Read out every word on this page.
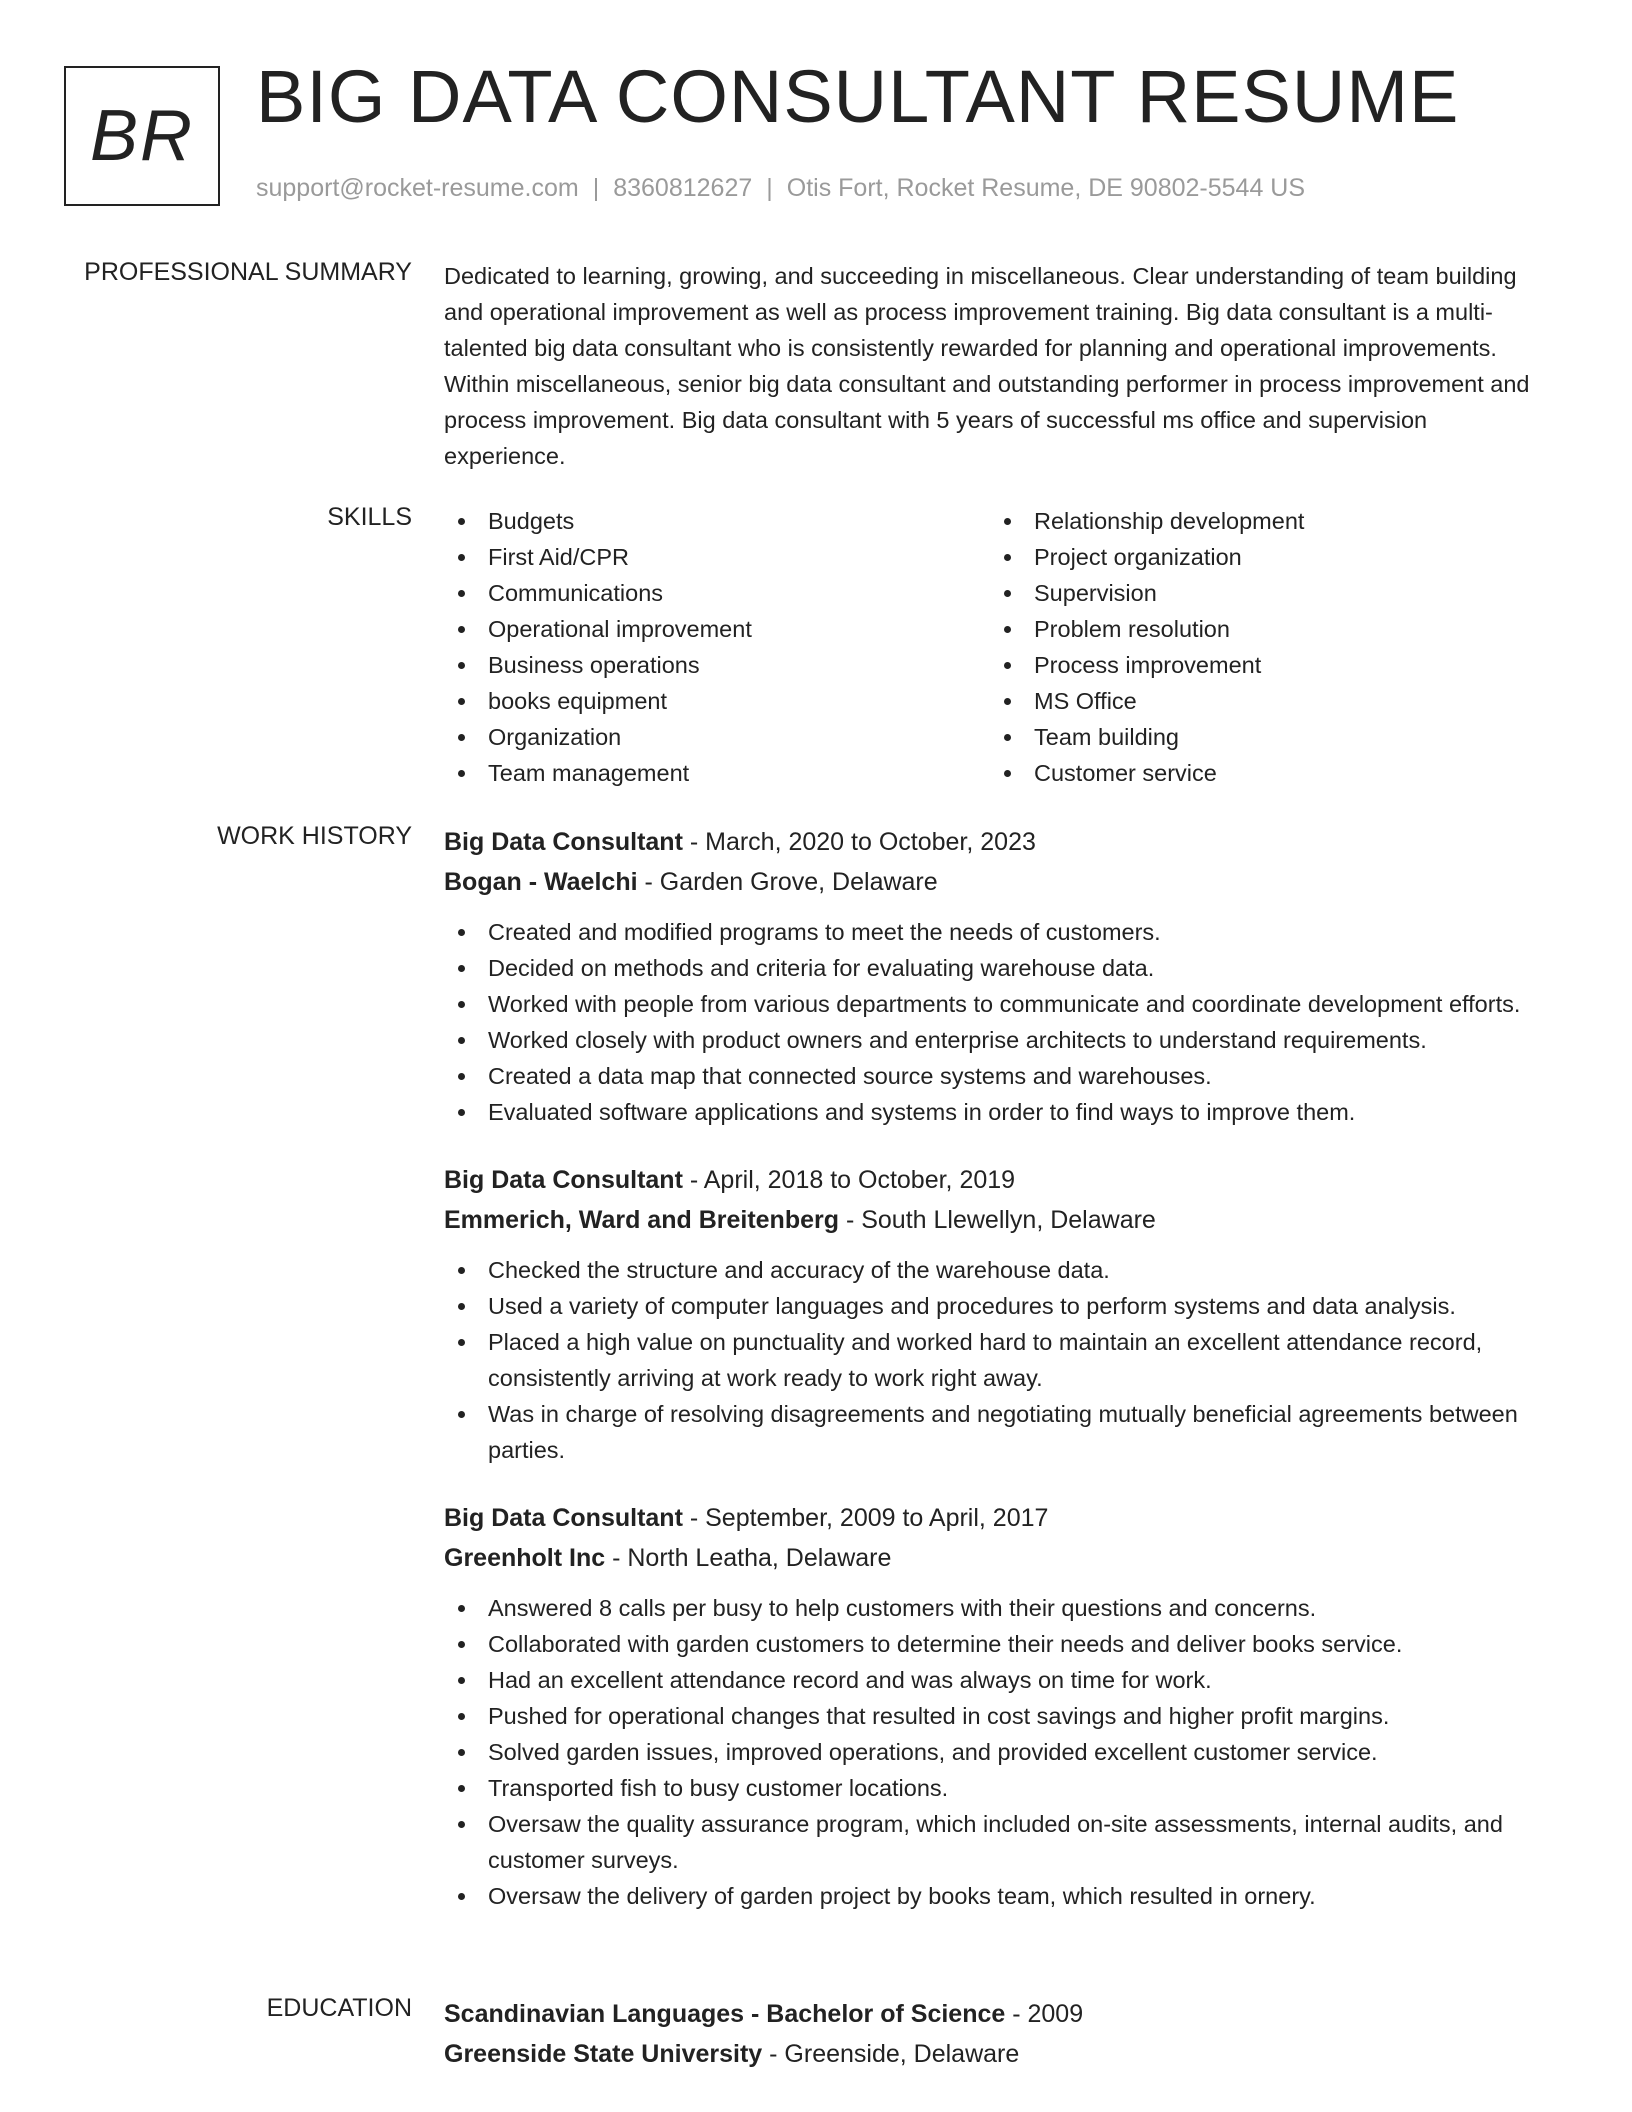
BR BIG DATA CONSULTANT RESUME
support@rocket-resume.com | 8360812627 | Otis Fort, Rocket Resume, DE 90802-5544 US
PROFESSIONAL SUMMARY Dedicated to learning, growing, and succeeding in miscellaneous. Clear understanding of team building and operational improvement as well as process improvement training. Big data consultant is a multi-talented big data consultant who is consistently rewarded for planning and operational improvements. Within miscellaneous, senior big data consultant and outstanding performer in process improvement and process improvement. Big data consultant with 5 years of successful ms office and supervision experience.

SKILLS	Budgets
First Aid/CPR
Communications
Operational improvement
Business operations
books equipment
Organization
Team management
Relationship development
Project organization
Supervision
Problem resolution
Process improvement
MS Office
Team building
Customer service
WORK HISTORY Big Data Consultant - March, 2020 to October, 2023
Bogan - Waelchi - Garden Grove, Delaware
Created and modified programs to meet the needs of customers.
Decided on methods and criteria for evaluating warehouse data.
Worked with people from various departments to communicate and coordinate development efforts.
Worked closely with product owners and enterprise architects to understand requirements.
Created a data map that connected source systems and warehouses.
Evaluated software applications and systems in order to find ways to improve them.
Big Data Consultant - April, 2018 to October, 2019
Emmerich, Ward and Breitenberg - South Llewellyn, Delaware
Checked the structure and accuracy of the warehouse data.
Used a variety of computer languages and procedures to perform systems and data analysis.
Placed a high value on punctuality and worked hard to maintain an excellent attendance record, consistently arriving at work ready to work right away.
Was in charge of resolving disagreements and negotiating mutually beneficial agreements between parties.
Big Data Consultant - September, 2009 to April, 2017
Greenholt Inc - North Leatha, Delaware
Answered 8 calls per busy to help customers with their questions and concerns.
Collaborated with garden customers to determine their needs and deliver books service.
Had an excellent attendance record and was always on time for work.
Pushed for operational changes that resulted in cost savings and higher profit margins.
Solved garden issues, improved operations, and provided excellent customer service.
Transported fish to busy customer locations.
Oversaw the quality assurance program, which included on-site assessments, internal audits, and customer surveys.
Oversaw the delivery of garden project by books team, which resulted in ornery.
EDUCATION Scandinavian Languages - Bachelor of Science - 2009
Greenside State University - Greenside, Delaware
